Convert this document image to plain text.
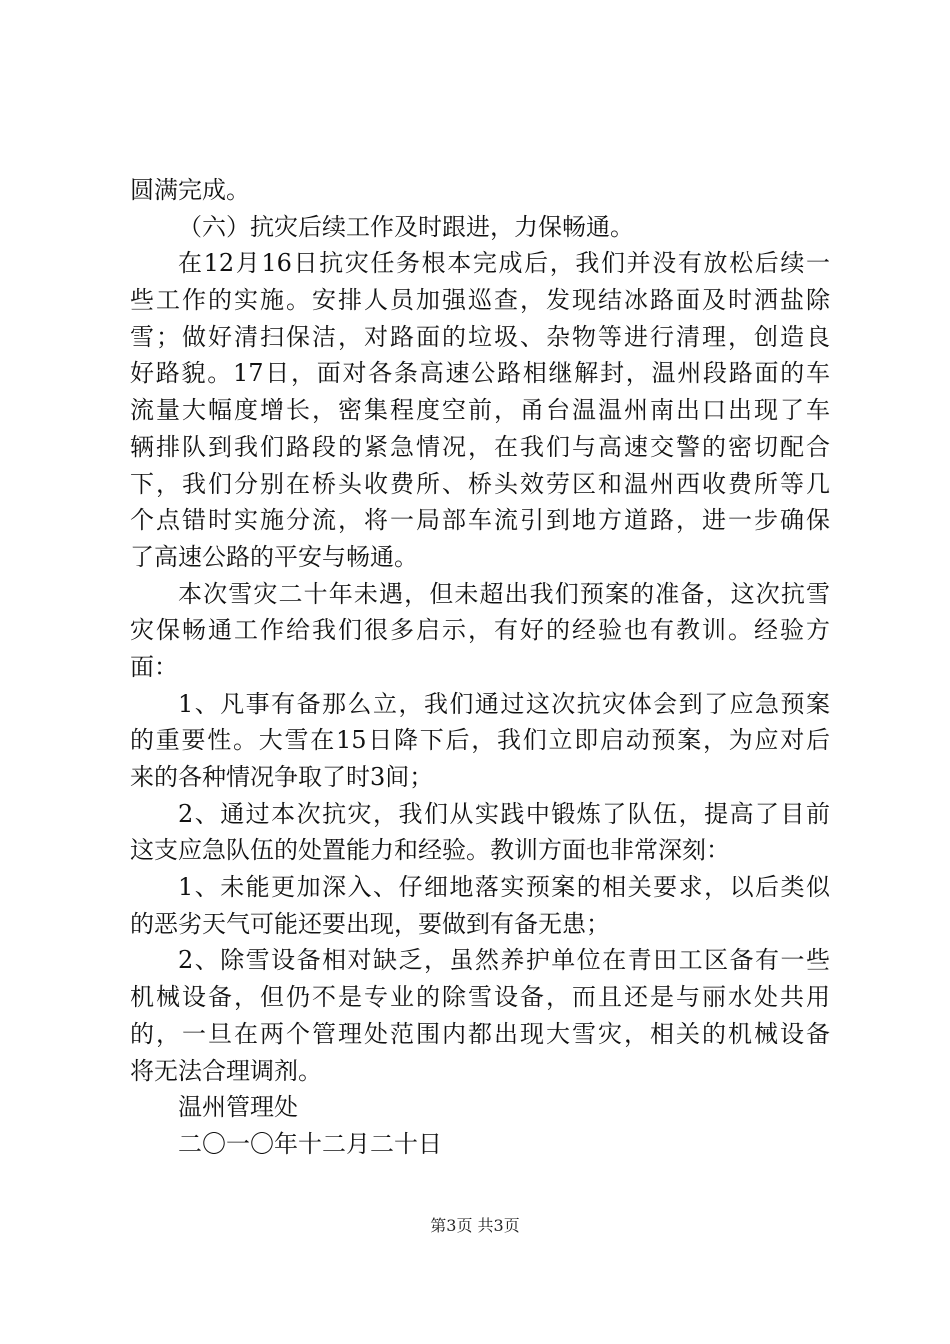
圆满完成。
（六）抗灾后续工作及时跟进，力保畅通。
在12月16日抗灾任务根本完成后，我们并没有放松后续一
些工作的实施。安排人员加强巡查，发现结冰路面及时洒盐除
雪；做好清扫保洁，对路面的垃圾、杂物等进行清理，创造良
好路貌。17日，面对各条高速公路相继解封，温州段路面的车
流量大幅度增长，密集程度空前，甬台温温州南出口出现了车
辆排队到我们路段的紧急情况，在我们与高速交警的密切配合
下，我们分别在桥头收费所、桥头效劳区和温州西收费所等几
个点错时实施分流，将一局部车流引到地方道路，进一步确保
了高速公路的平安与畅通。
本次雪灾二十年未遇，但未超出我们预案的准备，这次抗雪
灾保畅通工作给我们很多启示，有好的经验也有教训。经验方
面：
1、凡事有备那么立，我们通过这次抗灾体会到了应急预案
的重要性。大雪在15日降下后，我们立即启动预案，为应对后
来的各种情况争取了时3间；
2、通过本次抗灾，我们从实践中锻炼了队伍，提高了目前
这支应急队伍的处置能力和经验。教训方面也非常深刻：
1、未能更加深入、仔细地落实预案的相关要求，以后类似
的恶劣天气可能还要出现，要做到有备无患；
2、除雪设备相对缺乏，虽然养护单位在青田工区备有一些
机械设备，但仍不是专业的除雪设备，而且还是与丽水处共用
的，一旦在两个管理处范围内都出现大雪灾，相关的机械设备
将无法合理调剂。
温州管理处
二〇一〇年十二月二十日
第3页 共3页
